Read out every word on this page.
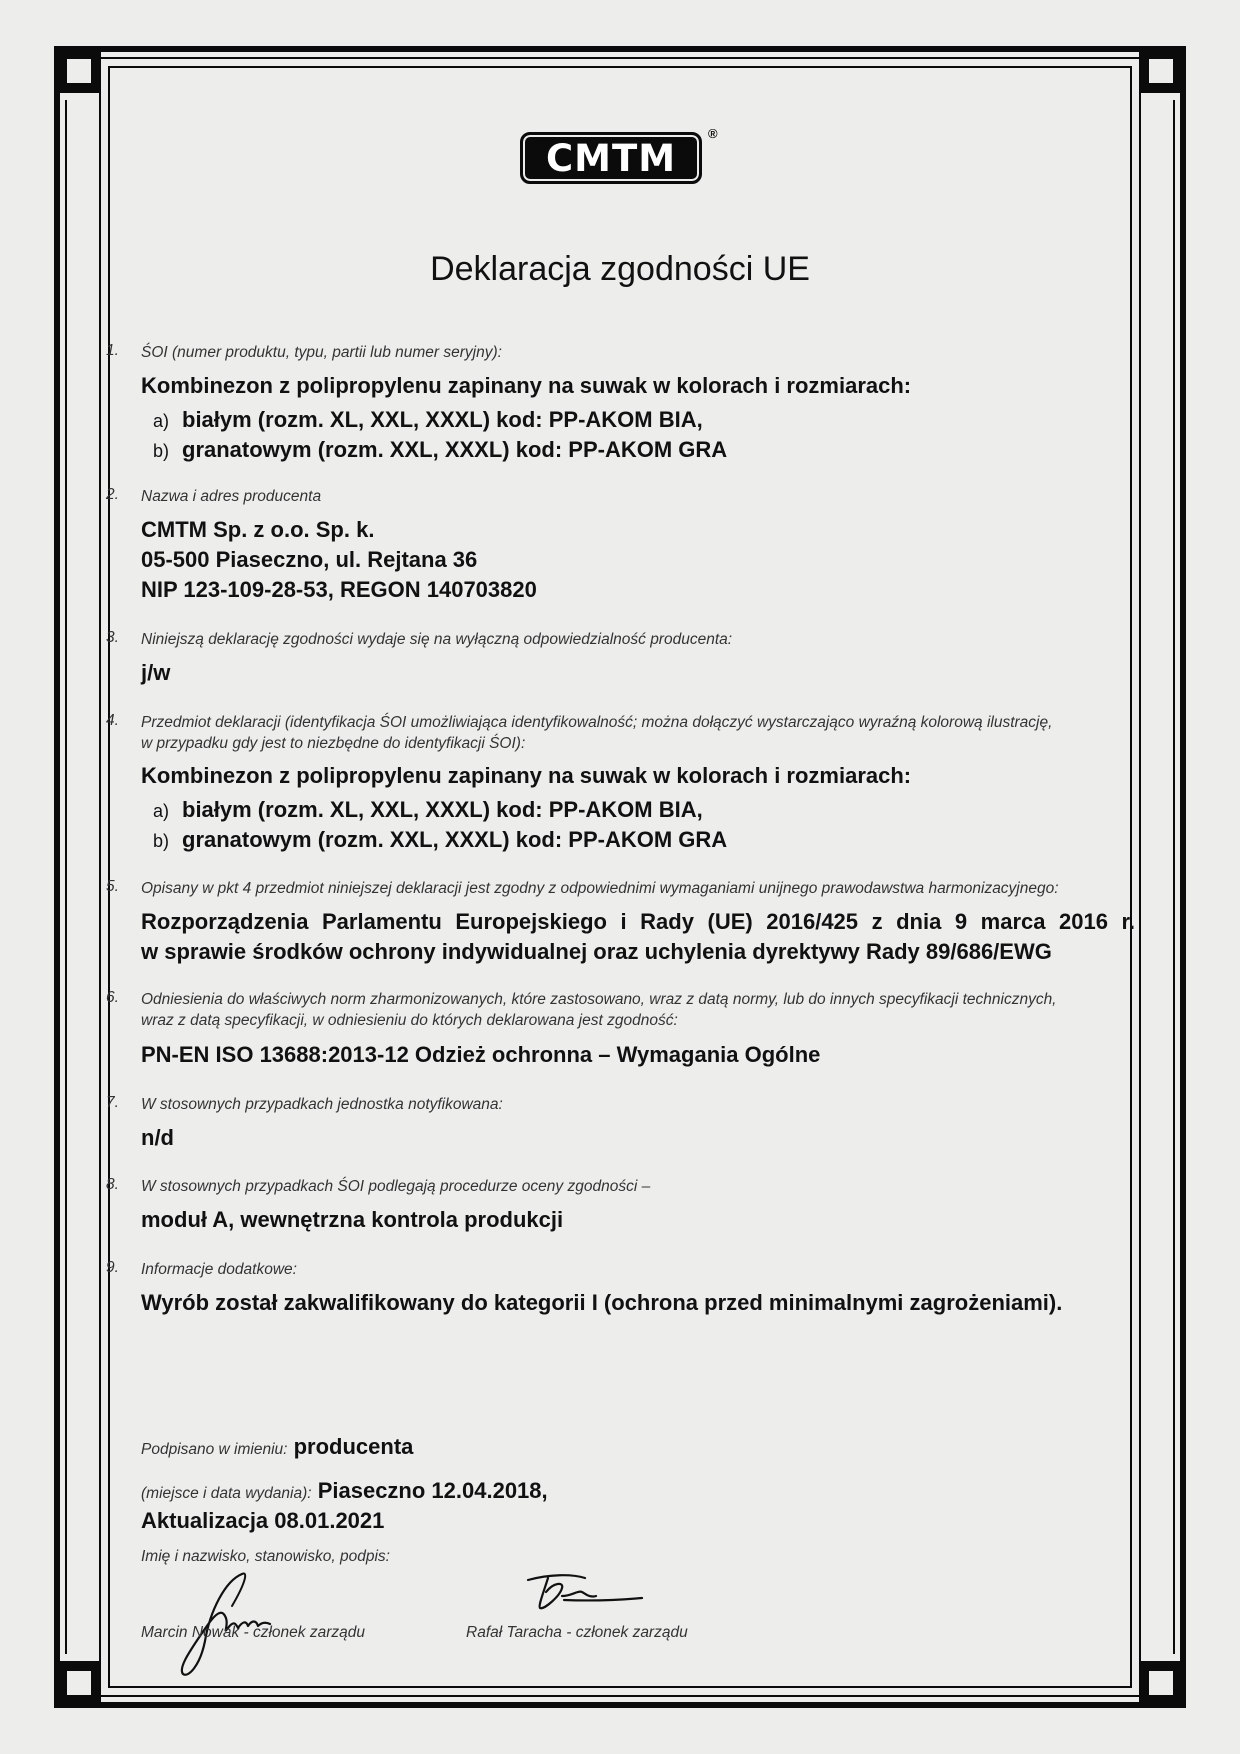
CMTM
®
Deklaracja zgodności UE
1. ŚOI (numer produktu, typu, partii lub numer seryjny):
Kombinezon z polipropylenu zapinany na suwak w kolorach i rozmiarach:
a) białym (rozm. XL, XXL, XXXL) kod: PP-AKOM BIA,
b) granatowym (rozm. XXL, XXXL) kod: PP-AKOM GRA
2. Nazwa i adres producenta
CMTM Sp. z o.o. Sp. k.
05-500 Piaseczno, ul. Rejtana 36
NIP 123-109-28-53, REGON 140703820
3. Niniejszą deklarację zgodności wydaje się na wyłączną odpowiedzialność producenta:
j/w
4. Przedmiot deklaracji (identyfikacja ŚOI umożliwiająca identyfikowalność; można dołączyć wystarczająco wyraźną kolorową ilustrację,
w przypadku gdy jest to niezbędne do identyfikacji ŚOI):
Kombinezon z polipropylenu zapinany na suwak w kolorach i rozmiarach:
a) białym (rozm. XL, XXL, XXXL) kod: PP-AKOM BIA,
b) granatowym (rozm. XXL, XXXL) kod: PP-AKOM GRA
5. Opisany w pkt 4 przedmiot niniejszej deklaracji jest zgodny z odpowiednimi wymaganiami unijnego prawodawstwa harmonizacyjnego:
Rozporządzenia Parlamentu Europejskiego i Rady (UE) 2016/425 z dnia 9 marca 2016 r.
w sprawie środków ochrony indywidualnej oraz uchylenia dyrektywy Rady 89/686/EWG
6. Odniesienia do właściwych norm zharmonizowanych, które zastosowano, wraz z datą normy, lub do innych specyfikacji technicznych,
wraz z datą specyfikacji, w odniesieniu do których deklarowana jest zgodność:
PN-EN ISO 13688:2013-12 Odzież ochronna – Wymagania Ogólne
7. W stosownych przypadkach jednostka notyfikowana:
n/d
8. W stosownych przypadkach ŚOI podlegają procedurze oceny zgodności –
moduł A, wewnętrzna kontrola produkcji
9. Informacje dodatkowe:
Wyrób został zakwalifikowany do kategorii I (ochrona przed minimalnymi zagrożeniami).
Podpisano w imieniu: producenta
(miejsce i data wydania): Piaseczno 12.04.2018,
Aktualizacja 08.01.2021
Imię i nazwisko, stanowisko, podpis:
Marcin Nowak - członek zarządu	Rafał Taracha - członek zarządu
